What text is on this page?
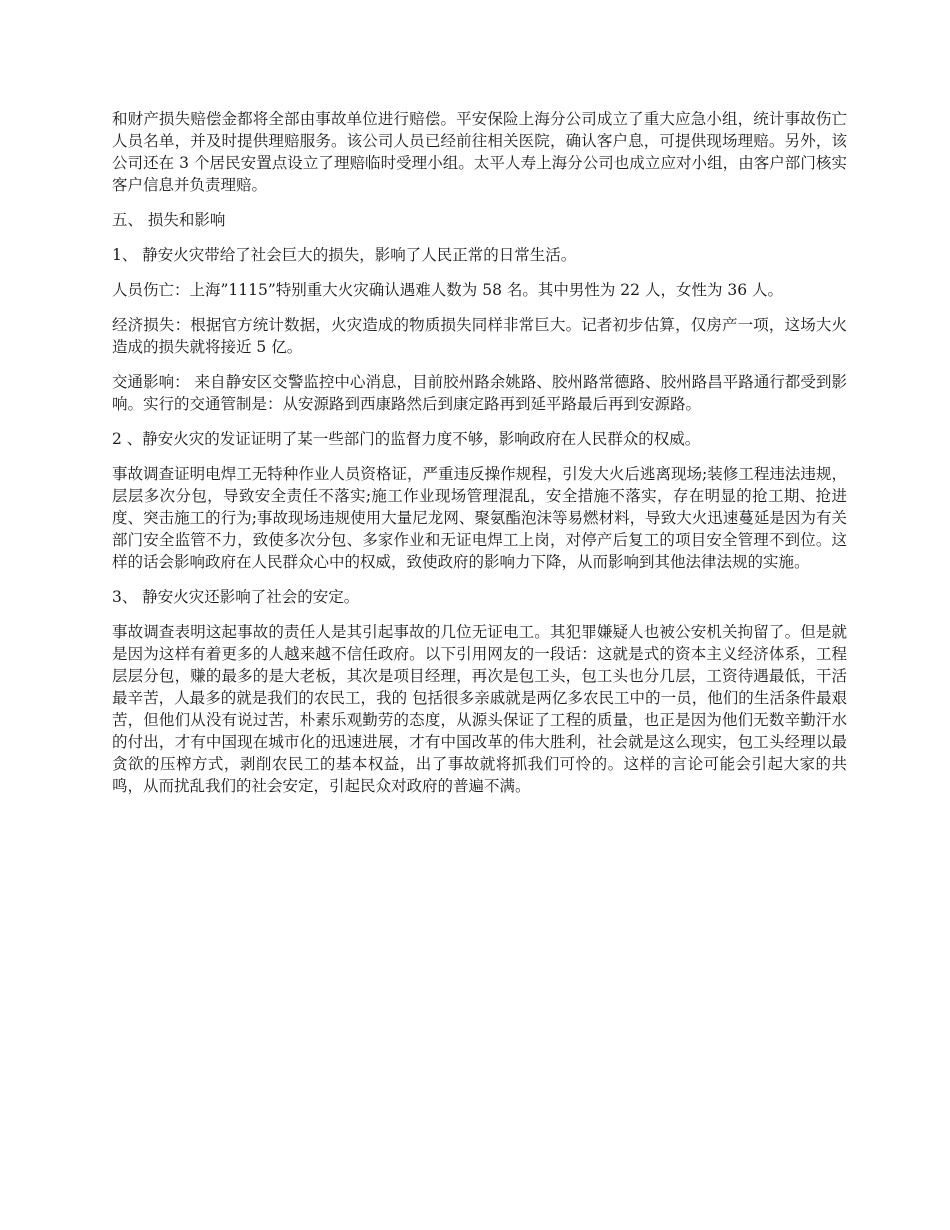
和财产损失赔偿金都将全部由事故单位进行赔偿。平安保险上海分公司成立了重大应急小组，统计事故伤亡人员名单，并及时提供理赔服务。该公司人员已经前往相关医院，确认客户息，可提供现场理赔。另外，该公司还在 3 个居民安置点设立了理赔临时受理小组。太平人寿上海分公司也成立应对小组，由客户部门核实客户信息并负责理赔。

五、 损失和影响

1、 静安火灾带给了社会巨大的损失，影响了人民正常的日常生活。

人员伤亡：上海”1115”特别重大火灾确认遇难人数为 58 名。其中男性为 22 人，女性为 36 人。

经济损失：根据官方统计数据，火灾造成的物质损失同样非常巨大。记者初步估算，仅房产一项，这场大火造成的损失就将接近 5 亿。

交通影响： 来自静安区交警监控中心消息，目前胶州路余姚路、胶州路常德路、胶州路昌平路通行都受到影响。实行的交通管制是：从安源路到西康路然后到康定路再到延平路最后再到安源路。

2 、静安火灾的发证证明了某一些部门的监督力度不够，影响政府在人民群众的权威。

事故调查证明电焊工无特种作业人员资格证，严重违反操作规程，引发大火后逃离现场;装修工程违法违规，层层多次分包，导致安全责任不落实;施工作业现场管理混乱，安全措施不落实，存在明显的抢工期、抢进度、突击施工的行为;事故现场违规使用大量尼龙网、聚氨酯泡沫等易燃材料，导致大火迅速蔓延是因为有关部门安全监管不力，致使多次分包、多家作业和无证电焊工上岗，对停产后复工的项目安全管理不到位。这样的话会影响政府在人民群众心中的权威，致使政府的影响力下降，从而影响到其他法律法规的实施。

3、 静安火灾还影响了社会的安定。

事故调查表明这起事故的责任人是其引起事故的几位无证电工。其犯罪嫌疑人也被公安机关拘留了。但是就是因为这样有着更多的人越来越不信任政府。以下引用网友的一段话：这就是式的资本主义经济体系，工程层层分包，赚的最多的是大老板，其次是项目经理，再次是包工头，包工头也分几层，工资待遇最低，干活最辛苦，人最多的就是我们的农民工，我的 包括很多亲戚就是两亿多农民工中的一员，他们的生活条件最艰苦，但他们从没有说过苦，朴素乐观勤劳的态度，从源头保证了工程的质量，也正是因为他们无数辛勤汗水的付出，才有中国现在城市化的迅速进展，才有中国改革的伟大胜利，社会就是这么现实，包工头经理以最贪欲的压榨方式，剥削农民工的基本权益，出了事故就将抓我们可怜的。这样的言论可能会引起大家的共鸣，从而扰乱我们的社会安定，引起民众对政府的普遍不满。
